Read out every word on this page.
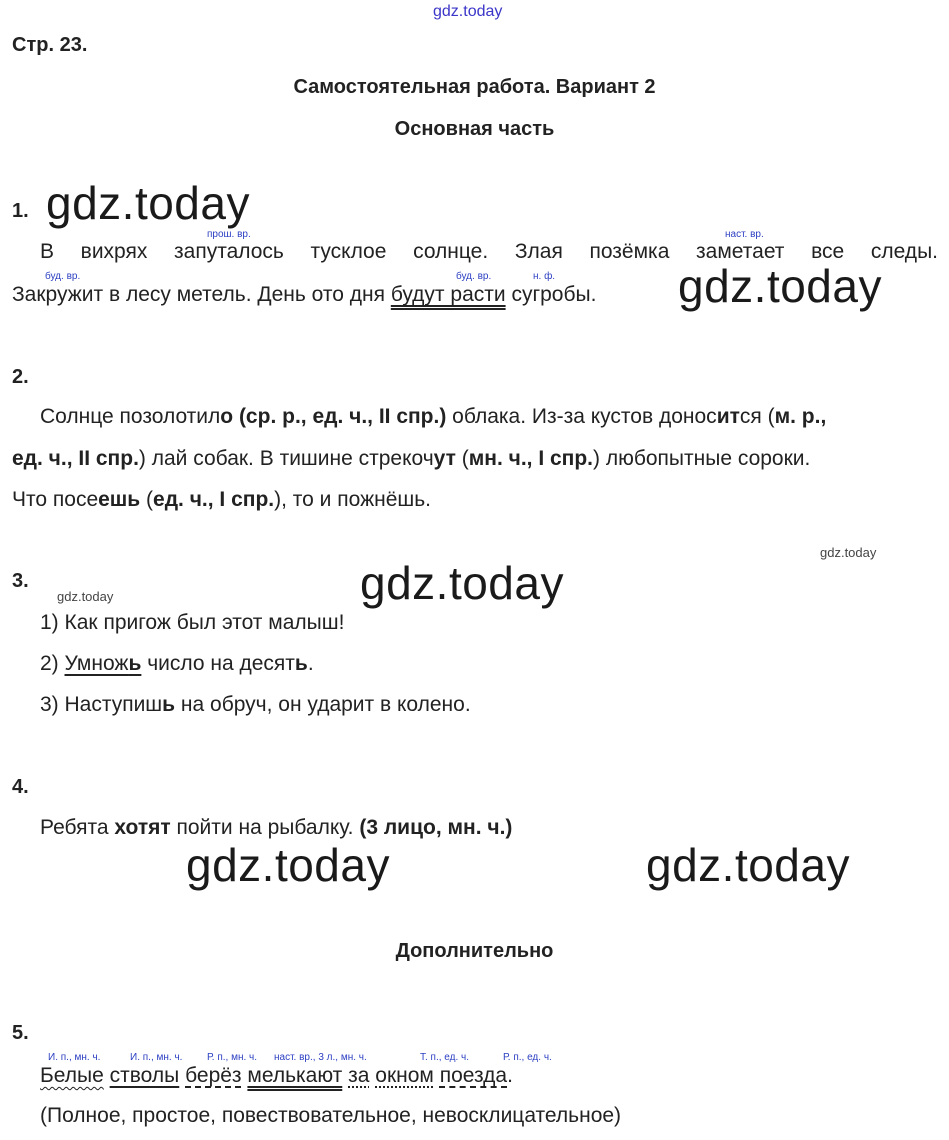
gdz.today
Стр. 23.
Самостоятельная работа. Вариант 2
Основная часть
1. gdz.today
прош. вр.	наст. вр.
В вихрях запуталось тусклое солнце. Злая позёмка заметает все следы.
буд. вр.	буд. вр.	н. ф.
Закружит в лесу метель. День ото дня будут расти сугробы. gdz.today
2.
Солнце позолотило (ср. р., ед. ч., II спр.) облака. Из-за кустов доносится (м. р.,
ед. ч., II спр.) лай собак. В тишине стрекочут (мн. ч., I спр.) любопытные сороки.
Что посеешь (ед. ч., I спр.), то и пожнёшь.
gdz.today
3.	gdz.today
gdz.today
1) Как пригож был этот малыш!
2) Умножь число на десять.
3) Наступишь на обруч, он ударит в колено.
4.
Ребята хотят пойти на рыбалку. (3 лицо, мн. ч.)
gdz.today	gdz.today
Дополнительно
5.
И. п., мн. ч.	И. п., мн. ч. Р. п., мн. ч. наст. вр., 3 л., мн. ч.	Т. п., ед. ч.	Р. п., ед. ч.
Белые стволы берёз мелькают за окном поезда.
(Полное, простое, повествовательное, невосклицательное)
